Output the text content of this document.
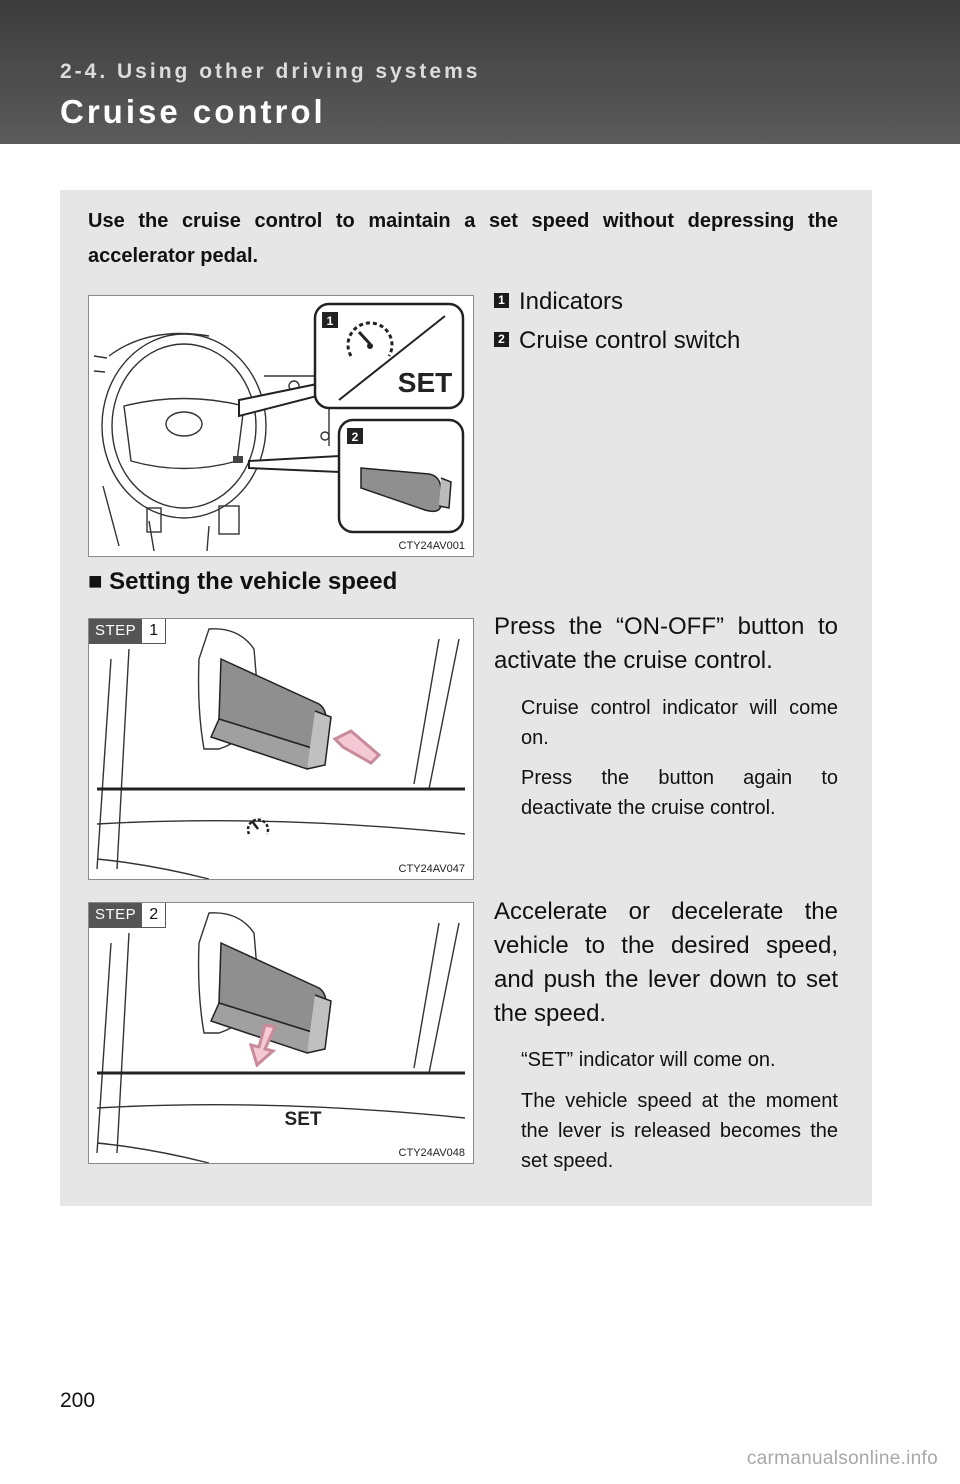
2-4. Using other driving systems
Cruise control
Use the cruise control to maintain a set speed without depressing the accelerator pedal.
1
SET
2
CTY24AV001
1 Indicators
2 Cruise control switch
■ Setting the vehicle speed
STEP 1
CTY24AV047
Press the “ON-OFF” button to activate the cruise control.
Cruise control indicator will come on.
Press the button again to deactivate the cruise control.
STEP 2
SET
CTY24AV048
Accelerate or decelerate the vehicle to the desired speed, and push the lever down to set the speed.
“SET” indicator will come on.
The vehicle speed at the moment the lever is released becomes the set speed.
200
carmanualsonline.info
